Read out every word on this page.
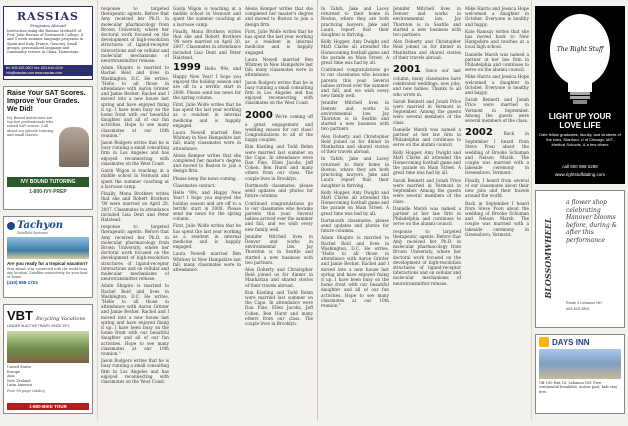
RASSIAS
Programs Abroad
Instruction using the Rassias Method® of Prof. John Rassias of Dartmouth College. 4 and 5 week summer language programs in Spain and Italy, France, Gascony. Small groups, personalized language and community service in China. Homestays.
tel: 603-643-3007 fax: 603-643-4249
info@rassias.com www.rassias.com
Raise Your SAT Scores. Improve Your Grades. We Did!
Ivy Bound instructors are top-tier professionals who raised SAT scores. Call about our private tutoring and small classes.
IVY BOUND TUTORING
1-800-IVY-PREP
Tachyon
Satellite Systems
Are you ready for a tropical vacation?
Stay ahead, stay connected with the world from any location. Satellite connectivity for your boat or home.
(410) 555-1723
VBT Bicycling Vacations
LEADER IN ACTIVE TRAVEL SINCE 1971
United States
Europe
Asia
New Zealand
Latin America
Free 80-page catalog
1-800-BIKE TOUR

response to targeted therapeutic agents. Before that Amy received her Ph.D. in molecular pharmacology from Brown University, where her doctoral work focused on the development of high-resolution structures of ligand-receptor interactions and on cellular and molecular mechanisms of neurotransmitter release.

Adam Shapiro is married to Rachel Reid and lives in Washington, D.C. He writes, "Hello to all those in attendance with Aaron Grinter and Jamie Becker. Rachel and I moved into a new house last spring and have enjoyed fixing it up. I have been busy on the home front with our beautiful daughter and all of our fun activities. Hope to see many classmates at our 10th reunion."

Jason Rodgers writes that he is busy running a small consulting firm in Los Angeles and has enjoyed reconnecting with classmates on the West Coast.

Gavin Wigon is teaching at a middle school in Vermont and spent the summer coaching at a lacrosse camp.

Finally, Mona Brothers writes that she and Robert Brothers '98 were married on April 20, 2007. Classmates in attendance included Lisa Dent and Peter Halstead.

response to targeted therapeutic agents. Before that Amy received her Ph.D. in molecular pharmacology from Brown University, where her doctoral work focused on the development of high-resolution structures of ligand-receptor interactions and on cellular and molecular mechanisms of neurotransmitter release.

Adam Shapiro is married to Rachel Reid and lives in Washington, D.C. He writes, "Hello to all those in attendance with Aaron Grinter and Jamie Becker. Rachel and I moved into a new house last spring and have enjoyed fixing it up. I have been busy on the home front with our beautiful daughter and all of our fun activities. Hope to see many classmates at our 10th reunion."

Jason Rodgers writes that he is busy running a small consulting firm in Los Angeles and has enjoyed reconnecting with classmates on the West Coast.

Gavin Wigon is teaching at a middle school in Vermont and spent the summer coaching at a lacrosse camp.

Finally, Mona Brothers writes that she and Robert Brothers '98 were married on April 20, 2007. Classmates in attendance included Lisa Dent and Peter Halstead.

1999 Hello '99s, and Happy New Year! I hope you enjoyed the holiday season and are off to a terrific start in 2008. Please send me news for the spring column.

First, Julie Wolfe writes that he has spent the last year working as a resident in internal medicine and is happily engaged.

Laura Newell married Ben Whitney in New Hampshire last fall; many classmates were in attendance.

Alexis Kemper writes that she completed her master's degree and moved to Boston to join a design firm.

Please keep the news coming.

Classmates contact:

Hello '99s, and Happy New Year! I hope you enjoyed the holiday season and are off to a terrific start in 2008. Please send me news for the spring column.

First, Julie Wolfe writes that he has spent the last year working as a resident in internal medicine and is happily engaged.

Laura Newell married Ben Whitney in New Hampshire last fall; many classmates were in attendance.

Alexis Kemper writes that she completed her master's degree and moved to Boston to join a design firm.

First, Julie Wolfe writes that he has spent the last year working as a resident in internal medicine and is happily engaged.

Laura Newell married Ben Whitney in New Hampshire last fall; many classmates were in attendance.

Jason Rodgers writes that he is busy running a small consulting firm in Los Angeles and has enjoyed reconnecting with classmates on the West Coast.

2000 We're coming off a great engagement and wedding season for our class! Congratulations to all of the happy couples.

Kim Kissling and Todd Rehm were married last summer on the Cape. In attendance were Dan Fine, Ellen Jacobs, Jeff Cohen, Ben Hurst and many others from our class. The couple lives in Brooklyn.

Dartmouth classmates, please send updates and photos for future columns.

Continued congratulations go to our classmates who became parents this year. Several babies arrived over the summer and fall, and we wish every new family well.

Jennifer Mitchell lives in Denver and works in environmental law. Jay Thornton is in Seattle and started a new business with two partners.

Alex Doherty and Christopher Reid joined us for dinner in Manhattan and shared stories of their travels abroad.

Kim Kissling and Todd Rehm were married last summer on the Cape. In attendance were Dan Fine, Ellen Jacobs, Jeff Cohen, Ben Hurst and many others from our class. The couple lives in Brooklyn.

In Tahiti, Jake and Lacey returned to their home in Boston, where they are both practicing lawyers. Jake and Laura report that their daughter is thriving.

Kelly Hopper, Amy Dwight and Matt Clarke all attended the Homecoming football game and the parade on Main Street. A great time was had by all.

Continued congratulations go to our classmates who became parents this year. Several babies arrived over the summer and fall, and we wish every new family well.

Jennifer Mitchell lives in Denver and works in environmental law. Jay Thornton is in Seattle and started a new business with two partners.

Alex Doherty and Christopher Reid joined us for dinner in Manhattan and shared stories of their travels abroad.

In Tahiti, Jake and Lacey returned to their home in Boston, where they are both practicing lawyers. Jake and Laura report that their daughter is thriving.

Kelly Hopper, Amy Dwight and Matt Clarke all attended the Homecoming football game and the parade on Main Street. A great time was had by all.

Dartmouth classmates, please send updates and photos for future columns.

Adam Shapiro is married to Rachel Reid and lives in Washington, D.C. He writes, "Hello to all those in attendance with Aaron Grinter and Jamie Becker. Rachel and I moved into a new house last spring and have enjoyed fixing it up. I have been busy on the home front with our beautiful daughter and all of our fun activities. Hope to see many classmates at our 10th reunion."

Jennifer Mitchell lives in Denver and works in environmental law. Jay Thornton is in Seattle and started a new business with two partners.

Alex Doherty and Christopher Reid joined us for dinner in Manhattan and shared stories of their travels abroad.

2001 Since our last column, many classmates have celebrated weddings, new jobs, and new babies. Thanks to all who wrote in.

Sarah Bennett and Jonah Price were married in Vermont in September. Among the guests were several members of the class.

Danielle Marsh was named a partner at her law firm in Philadelphia and continues to serve on the alumni council.

Kelly Hopper, Amy Dwight and Matt Clarke all attended the Homecoming football game and the parade on Main Street. A great time was had by all.

Sarah Bennett and Jonah Price were married in Vermont in September. Among the guests were several members of the class.

Danielle Marsh was named a partner at her law firm in Philadelphia and continues to serve on the alumni council.

response to targeted therapeutic agents. Before that Amy received her Ph.D. in molecular pharmacology from Brown University, where her doctoral work focused on the development of high-resolution structures of ligand-receptor interactions and on cellular and molecular mechanisms of neurotransmitter release.

Mike Harris and Jessica Hope welcomed a daughter in October. Everyone is healthy and happy.

Kate Ramsay writes that she has moved back to New Hampshire and teaches at a local high school.

Danielle Marsh was named a partner at her law firm in Philadelphia and continues to serve on the alumni council.

Mike Harris and Jessica Hope welcomed a daughter in October. Everyone is healthy and happy.

Sarah Bennett and Jonah Price were married in Vermont in September. Among the guests were several members of the class.

2002	Back in September I heard from Steve Poon about the wedding of Brooke Schuman and Nelson Marsh. The couple was married with a lakeside ceremony in Greensboro, Vermont.

Finally, I heard from several of our classmates about their new jobs and their travels around the world.

Back in September I heard from Steve Poon about the wedding of Brooke Schuman and Nelson Marsh. The couple was married with a lakeside ceremony in Greensboro, Vermont.

The Right Stuff
LIGHT UP YOUR LOVE LIFE
Date fellow graduates, faculty, and students of the Ivies, Stanford, U of Chicago, MIT, Medical Schools, & a few others
call 800 988 5288
www.rightstuffdating.com
BLOSSOMWHEEL
a flower shop celebrating Hanover blooms before, during & after this performance
Route 4 Lebanon NH
603-643-3901
DAYS INN
Off I-89 Exit 18, Lebanon NH. Free continental breakfast, indoor pool, kids stay free.
